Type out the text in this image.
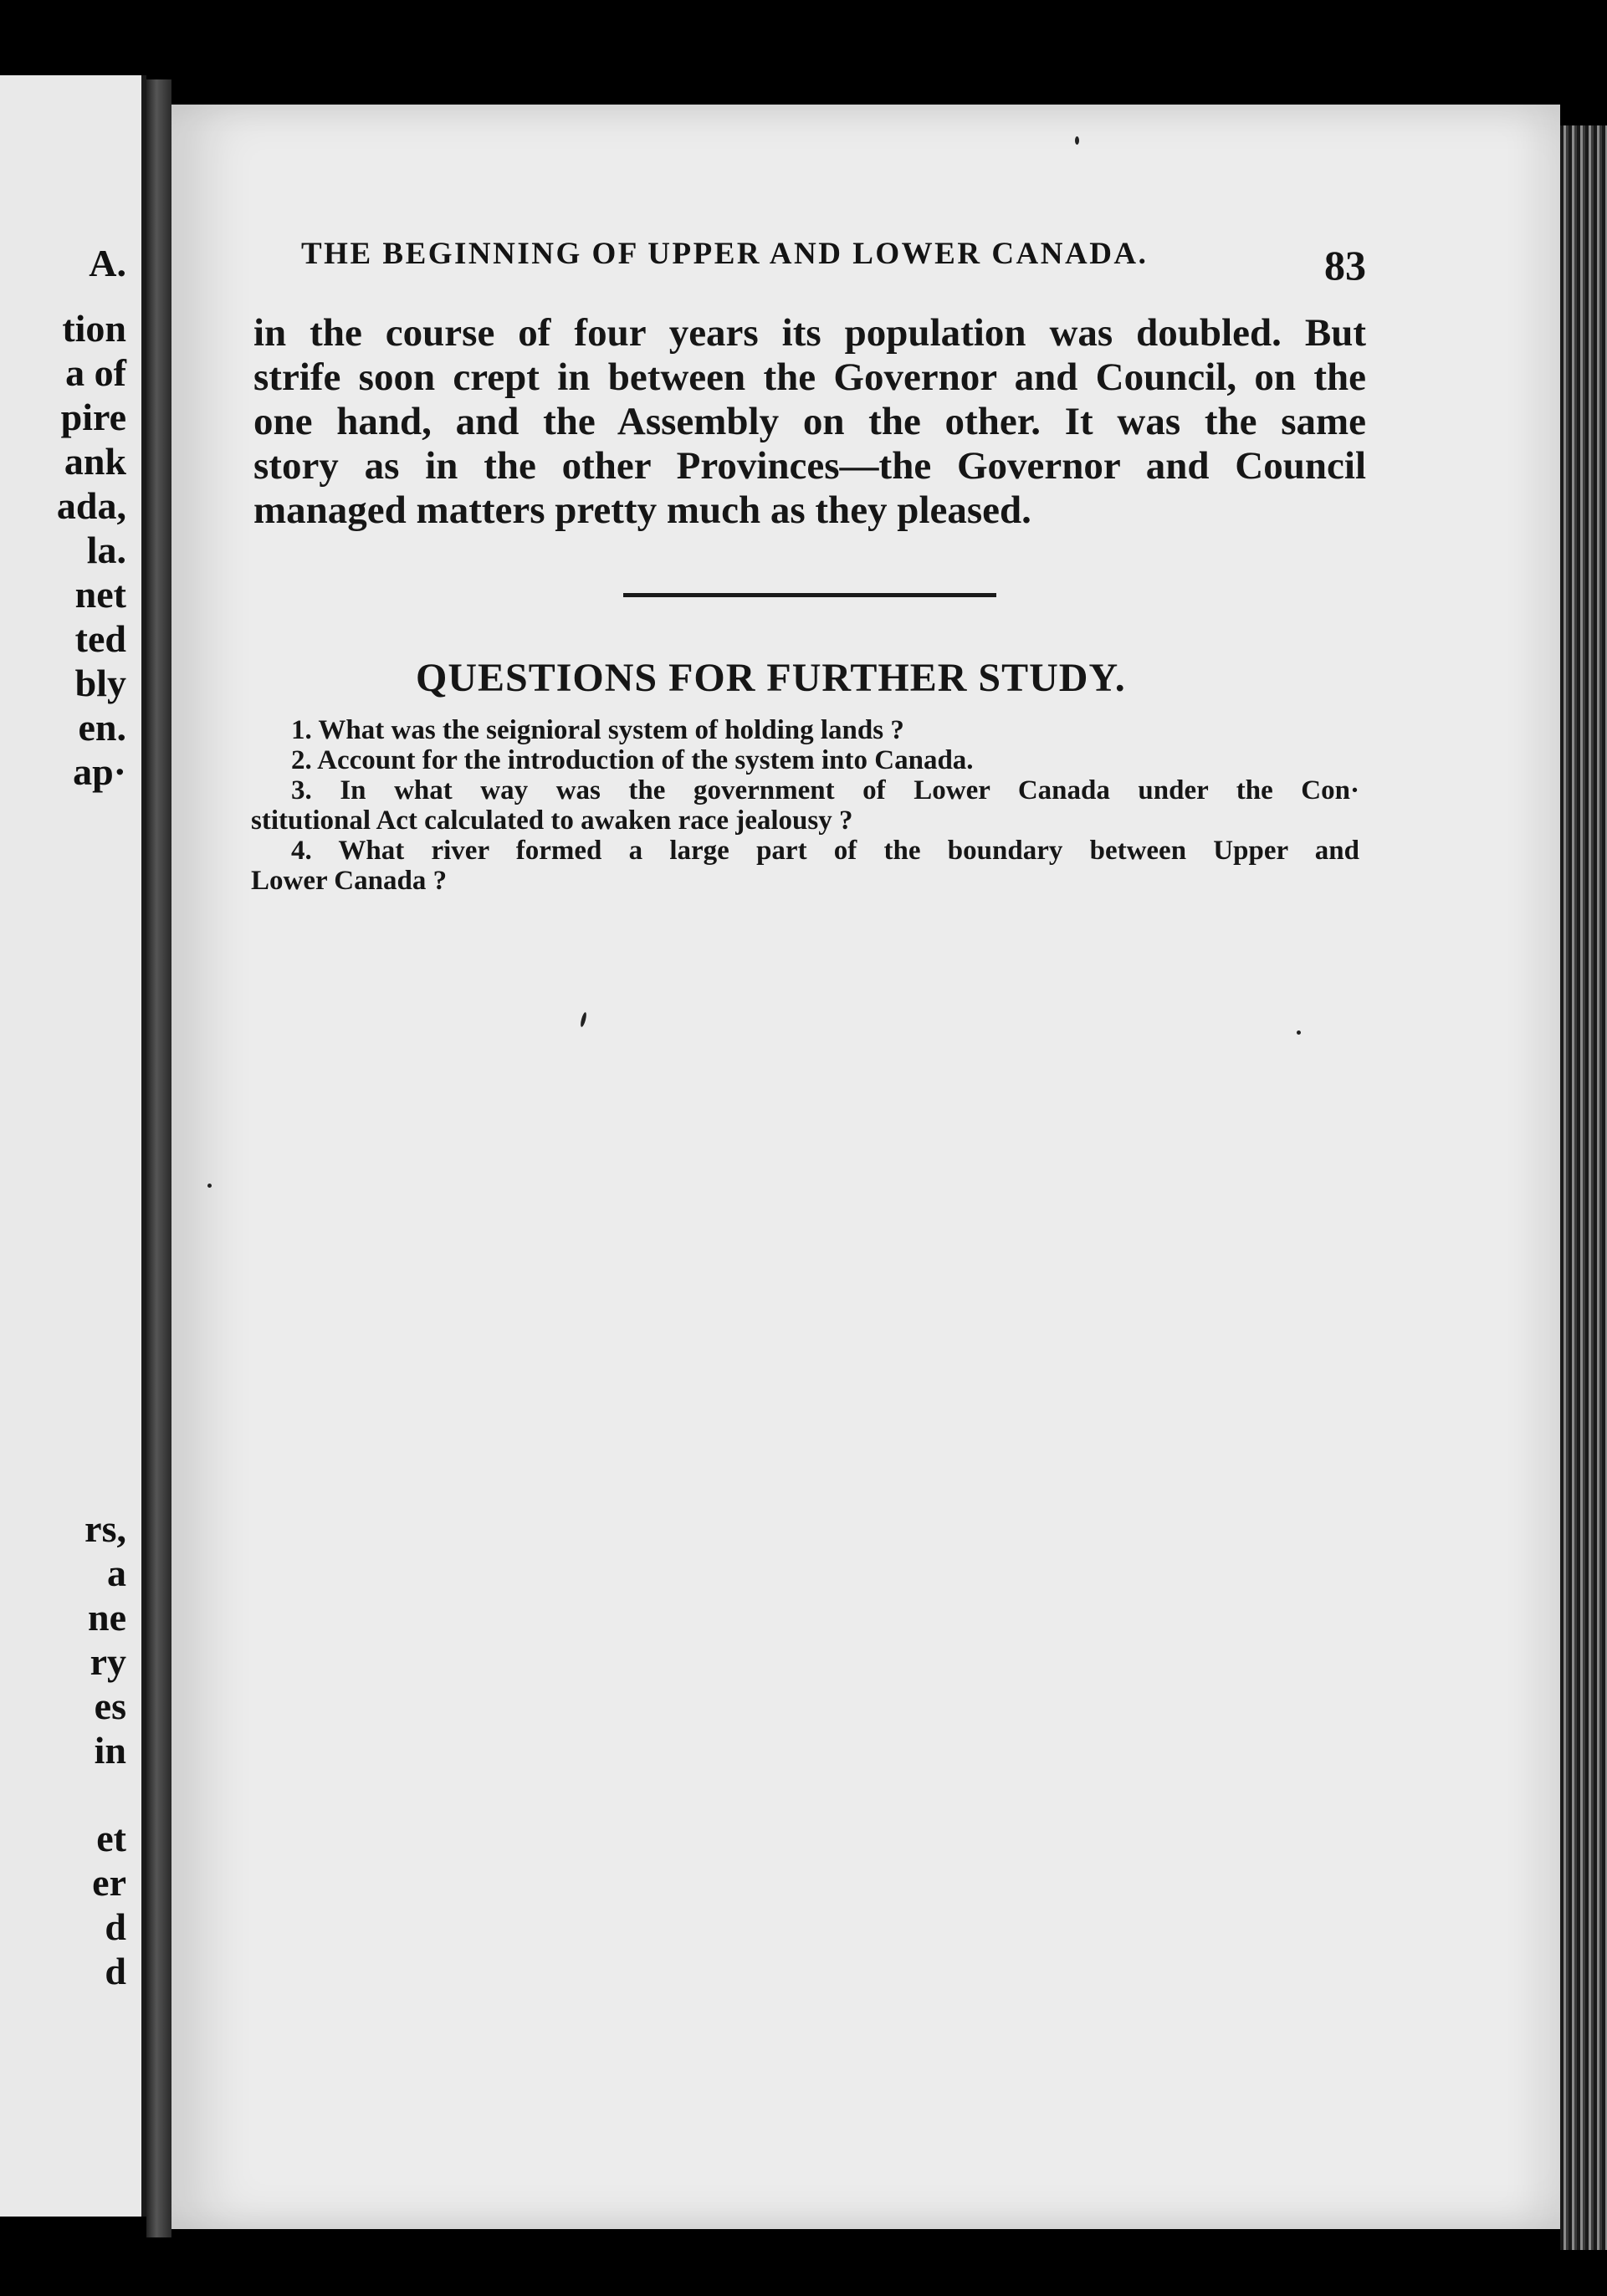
A.
tion
a of
pire
ank
ada,
la.
net
ted
bly
en.
ap·
rs,
a
ne
ry
es
in
et
er
d
d
THE BEGINNING OF UPPER AND LOWER CANADA.	83
in the course of four years its population was doubled. But
strife soon crept in between the Governor and Council, on the
one hand, and the Assembly on the other. It was the same
story as in the other Provinces—the Governor and Council
managed matters pretty much as they pleased.
QUESTIONS FOR FURTHER STUDY.
1. What was the seignioral system of holding lands ?
2. Account for the introduction of the system into Canada.
3. In what way was the government of Lower Canada under the Con·
stitutional Act calculated to awaken race jealousy ?
4. What river formed a large part of the boundary between Upper and
Lower Canada ?
